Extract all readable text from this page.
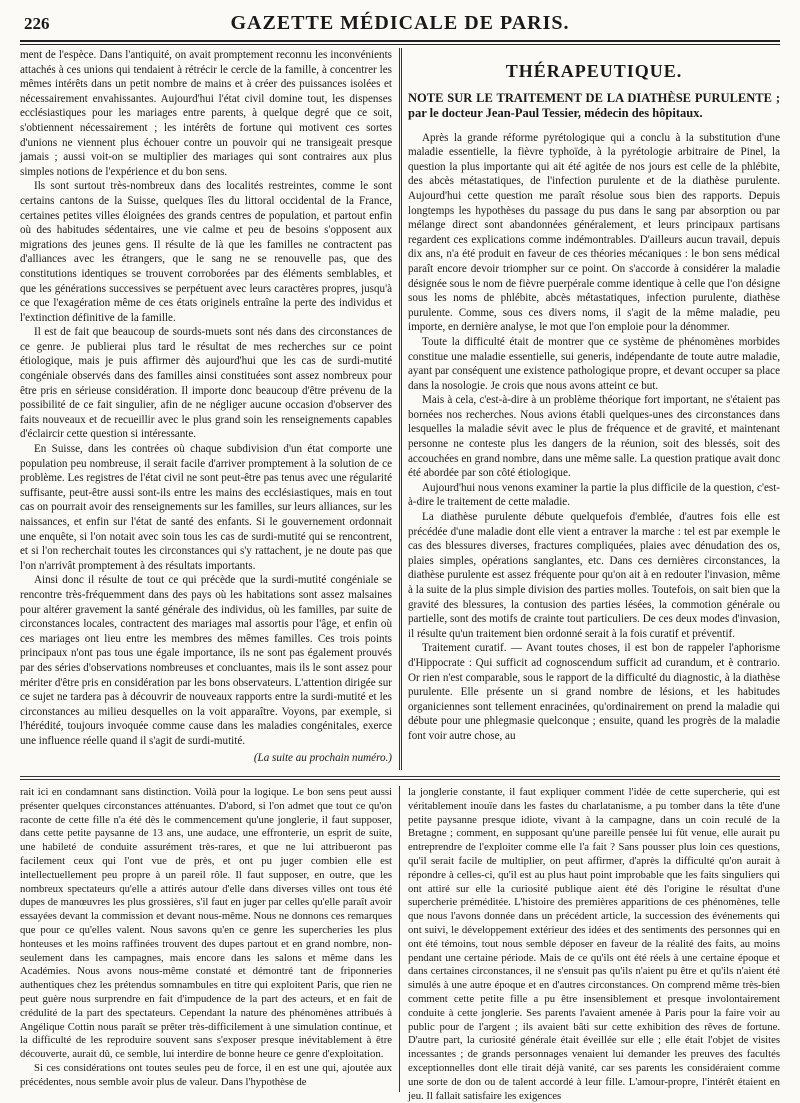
226	GAZETTE MÉDICALE DE PARIS.

ment de l'espèce. Dans l'antiquité, on avait promptement reconnu les inconvénients attachés à ces unions qui tendaient à rétrécir le cercle de la famille, à concentrer les mêmes intérêts dans un petit nombre de mains et à créer des puissances isolées et nécessairement envahissantes. Aujourd'hui l'état civil domine tout, les dispenses ecclésiastiques pour les mariages entre parents, à quelque degré que ce soit, s'obtiennent nécessairement ; les intérêts de fortune qui motivent ces sortes d'unions ne viennent plus échouer contre un pouvoir qui ne transigeait presque jamais ; aussi voit-on se multiplier des mariages qui sont contraires aux plus simples notions de l'expérience et du bon sens.

Ils sont surtout très-nombreux dans des localités restreintes, comme le sont certains cantons de la Suisse, quelques îles du littoral occidental de la France, certaines petites villes éloignées des grands centres de population, et partout enfin où des habitudes sédentaires, une vie calme et peu de besoins s'opposent aux migrations des jeunes gens. Il résulte de là que les familles ne contractent pas d'alliances avec les étrangers, que le sang ne se renouvelle pas, que des constitutions identiques se trouvent corroborées par des éléments semblables, et que les générations successives se perpétuent avec leurs caractères propres, jusqu'à ce que l'exagération même de ces états originels entraîne la perte des individus et l'extinction définitive de la famille.

Il est de fait que beaucoup de sourds-muets sont nés dans des circonstances de ce genre. Je publierai plus tard le résultat de mes recherches sur ce point étiologique, mais je puis affirmer dès aujourd'hui que les cas de surdi-mutité congéniale observés dans des familles ainsi constituées sont assez nombreux pour être pris en sérieuse considération. Il importe donc beaucoup d'être prévenu de la possibilité de ce fait singulier, afin de ne négliger aucune occasion d'observer des faits nouveaux et de recueillir avec le plus grand soin les renseignements capables d'éclaircir cette question si intéressante.

En Suisse, dans les contrées où chaque subdivision d'un état comporte une population peu nombreuse, il serait facile d'arriver promptement à la solution de ce problème. Les registres de l'état civil ne sont peut-être pas tenus avec une régularité suffisante, peut-être aussi sont-ils entre les mains des ecclésiastiques, mais en tout cas on pourrait avoir des renseignements sur les familles, sur leurs alliances, sur les naissances, et enfin sur l'état de santé des enfants. Si le gouvernement ordonnait une enquête, si l'on notait avec soin tous les cas de surdi-mutité qui se rencontrent, et si l'on recherchait toutes les circonstances qui s'y rattachent, je ne doute pas que l'on n'arrivât promptement à des résultats importants.

Ainsi donc il résulte de tout ce qui précède que la surdi-mutité congéniale se rencontre très-fréquemment dans des pays où les habitations sont assez malsaines pour altérer gravement la santé générale des individus, où les familles, par suite de circonstances locales, contractent des mariages mal assortis pour l'âge, et enfin où ces mariages ont lieu entre les membres des mêmes familles. Ces trois points principaux n'ont pas tous une égale importance, ils ne sont pas également prouvés par des séries d'observations nombreuses et concluantes, mais ils le sont assez pour mériter d'être pris en considération par les bons observateurs. L'attention dirigée sur ce sujet ne tardera pas à découvrir de nouveaux rapports entre la surdi-mutité et les circonstances au milieu desquelles on la voit apparaître. Voyons, par exemple, si l'hérédité, toujours invoquée comme cause dans les maladies congénitales, exerce une influence réelle quand il s'agit de surdi-mutité.

(La suite au prochain numéro.)
THÉRAPEUTIQUE.
NOTE SUR LE TRAITEMENT DE LA DIATHÈSE PURULENTE ; par le docteur Jean-Paul Tessier, médecin des hôpitaux.

Après la grande réforme pyrétologique qui a conclu à la substitution d'une maladie essentielle, la fièvre typhoïde, à la pyrétologie arbitraire de Pinel, la question la plus importante qui ait été agitée de nos jours est celle de la phlébite, des abcès métastatiques, de l'infection purulente et de la diathèse purulente. Aujourd'hui cette question me paraît résolue sous bien des rapports. Depuis longtemps les hypothèses du passage du pus dans le sang par absorption ou par mélange direct sont abandonnées généralement, et leurs principaux partisans regardent ces explications comme indémontrables. D'ailleurs aucun travail, depuis dix ans, n'a été produit en faveur de ces théories mécaniques : le bon sens médical paraît encore devoir triompher sur ce point. On s'accorde à considérer la maladie désignée sous le nom de fièvre puerpérale comme identique à celle que l'on désigne sous les noms de phlébite, abcès métastatiques, infection purulente, diathèse purulente. Comme, sous ces divers noms, il s'agit de la même maladie, peu importe, en dernière analyse, le mot que l'on emploie pour la dénommer.

Toute la difficulté était de montrer que ce système de phénomènes morbides constitue une maladie essentielle, sui generis, indépendante de toute autre maladie, ayant par conséquent une existence pathologique propre, et devant occuper sa place dans la nosologie. Je crois que nous avons atteint ce but.

Mais à cela, c'est-à-dire à un problème théorique fort important, ne s'étaient pas bornées nos recherches. Nous avions établi quelques-unes des circonstances dans lesquelles la maladie sévit avec le plus de fréquence et de gravité, et maintenant personne ne conteste plus les dangers de la réunion, soit des blessés, soit des accouchées en grand nombre, dans une même salle. La question pratique avait donc été abordée par son côté étiologique.

Aujourd'hui nous venons examiner la partie la plus difficile de la question, c'est-à-dire le traitement de cette maladie.

La diathèse purulente débute quelquefois d'emblée, d'autres fois elle est précédée d'une maladie dont elle vient a entraver la marche : tel est par exemple le cas des blessures diverses, fractures compliquées, plaies avec dénudation des os, plaies simples, opérations sanglantes, etc. Dans ces dernières circonstances, la diathèse purulente est assez fréquente pour qu'on ait à en redouter l'invasion, même à la suite de la plus simple division des parties molles. Toutefois, on sait bien que la gravité des blessures, la contusion des parties lésées, la commotion générale ou partielle, sont des motifs de crainte tout particuliers. De ces deux modes d'invasion, il résulte qu'un traitement bien ordonné serait à la fois curatif et préventif.

Traitement curatif. — Avant toutes choses, il est bon de rappeler l'aphorisme d'Hippocrate : Qui sufficit ad cognoscendum sufficit ad curandum, et è contrario. Or rien n'est comparable, sous le rapport de la difficulté du diagnostic, à la diathèse purulente. Elle présente un si grand nombre de lésions, et les habitudes organiciennes sont tellement enracinées, qu'ordinairement on prend la maladie qui débute pour une phlegmasie quelconque ; ensuite, quand les progrès de la maladie font voir autre chose, au

rait ici en condamnant sans distinction. Voilà pour la logique. Le bon sens peut aussi présenter quelques circonstances atténuantes. D'abord, si l'on admet que tout ce qu'on raconte de cette fille n'a été dès le commencement qu'une jonglerie, il faut supposer, dans cette petite paysanne de 13 ans, une audace, une effronterie, un esprit de suite, une habileté de conduite assurément très-rares, et que ne lui attribueront pas facilement ceux qui l'ont vue de près, et ont pu juger combien elle est intellectuellement peu propre à un pareil rôle. Il faut supposer, en outre, que les nombreux spectateurs qu'elle a attirés autour d'elle dans diverses villes ont tous été dupes de manœuvres les plus grossières, s'il faut en juger par celles qu'elle paraît avoir essayées devant la commission et devant nous-même. Nous ne donnons ces remarques que pour ce qu'elles valent. Nous savons qu'en ce genre les supercheries les plus honteuses et les moins raffinées trouvent des dupes partout et en grand nombre, non-seulement dans les campagnes, mais encore dans les salons et même dans les Académies. Nous avons nous-même constaté et démontré tant de friponneries authentiques chez les prétendus somnambules en titre qui exploitent Paris, que rien ne peut guère nous surprendre en fait d'impudence de la part des acteurs, et en fait de crédulité de la part des spectateurs. Cependant la nature des phénomènes attribués à Angélique Cottin nous paraît se prêter très-difficilement à une simulation continue, et la difficulté de les reproduire souvent sans s'exposer presque inévitablement à être découverte, aurait dû, ce semble, lui interdire de bonne heure ce genre d'exploitation.

Si ces considérations ont toutes seules peu de force, il en est une qui, ajoutée aux précédentes, nous semble avoir plus de valeur. Dans l'hypothèse de

la jonglerie constante, il faut expliquer comment l'idée de cette supercherie, qui est véritablement inouïe dans les fastes du charlatanisme, a pu tomber dans la tête d'une petite paysanne presque idiote, vivant à la campagne, dans un coin reculé de la Bretagne ; comment, en supposant qu'une pareille pensée lui fût venue, elle aurait pu entreprendre de l'exploiter comme elle l'a fait ? Sans pousser plus loin ces questions, qu'il serait facile de multiplier, on peut affirmer, d'après la difficulté qu'on aurait à répondre à celles-ci, qu'il est au plus haut point improbable que les faits singuliers qui ont attiré sur elle la curiosité publique aient été dès l'origine le résultat d'une supercherie préméditée. L'histoire des premières apparitions de ces phénomènes, telle que nous l'avons donnée dans un précédent article, la succession des événements qui ont suivi, le développement extérieur des idées et des sentiments des personnes qui en ont été témoins, tout nous semble déposer en faveur de la réalité des faits, au moins pendant une certaine période. Mais de ce qu'ils ont été réels à une certaine époque et dans certaines circonstances, il ne s'ensuit pas qu'ils n'aient pu être et qu'ils n'aient été simulés à une autre époque et en d'autres circonstances. On comprend même très-bien comment cette petite fille a pu être insensiblement et presque involontairement conduite à cette jonglerie. Ses parents l'avaient amenée à Paris pour la faire voir au public pour de l'argent ; ils avaient bâti sur cette exhibition des rêves de fortune. D'autre part, la curiosité générale était éveillée sur elle ; elle était l'objet de visites incessantes ; de grands personnages venaient lui demander les preuves des facultés exceptionnelles dont elle tirait déjà vanité, car ses parents les considéraient comme une sorte de don ou de talent accordé à leur fille. L'amour-propre, l'intérêt étaient en jeu. Il fallait satisfaire les exigences
